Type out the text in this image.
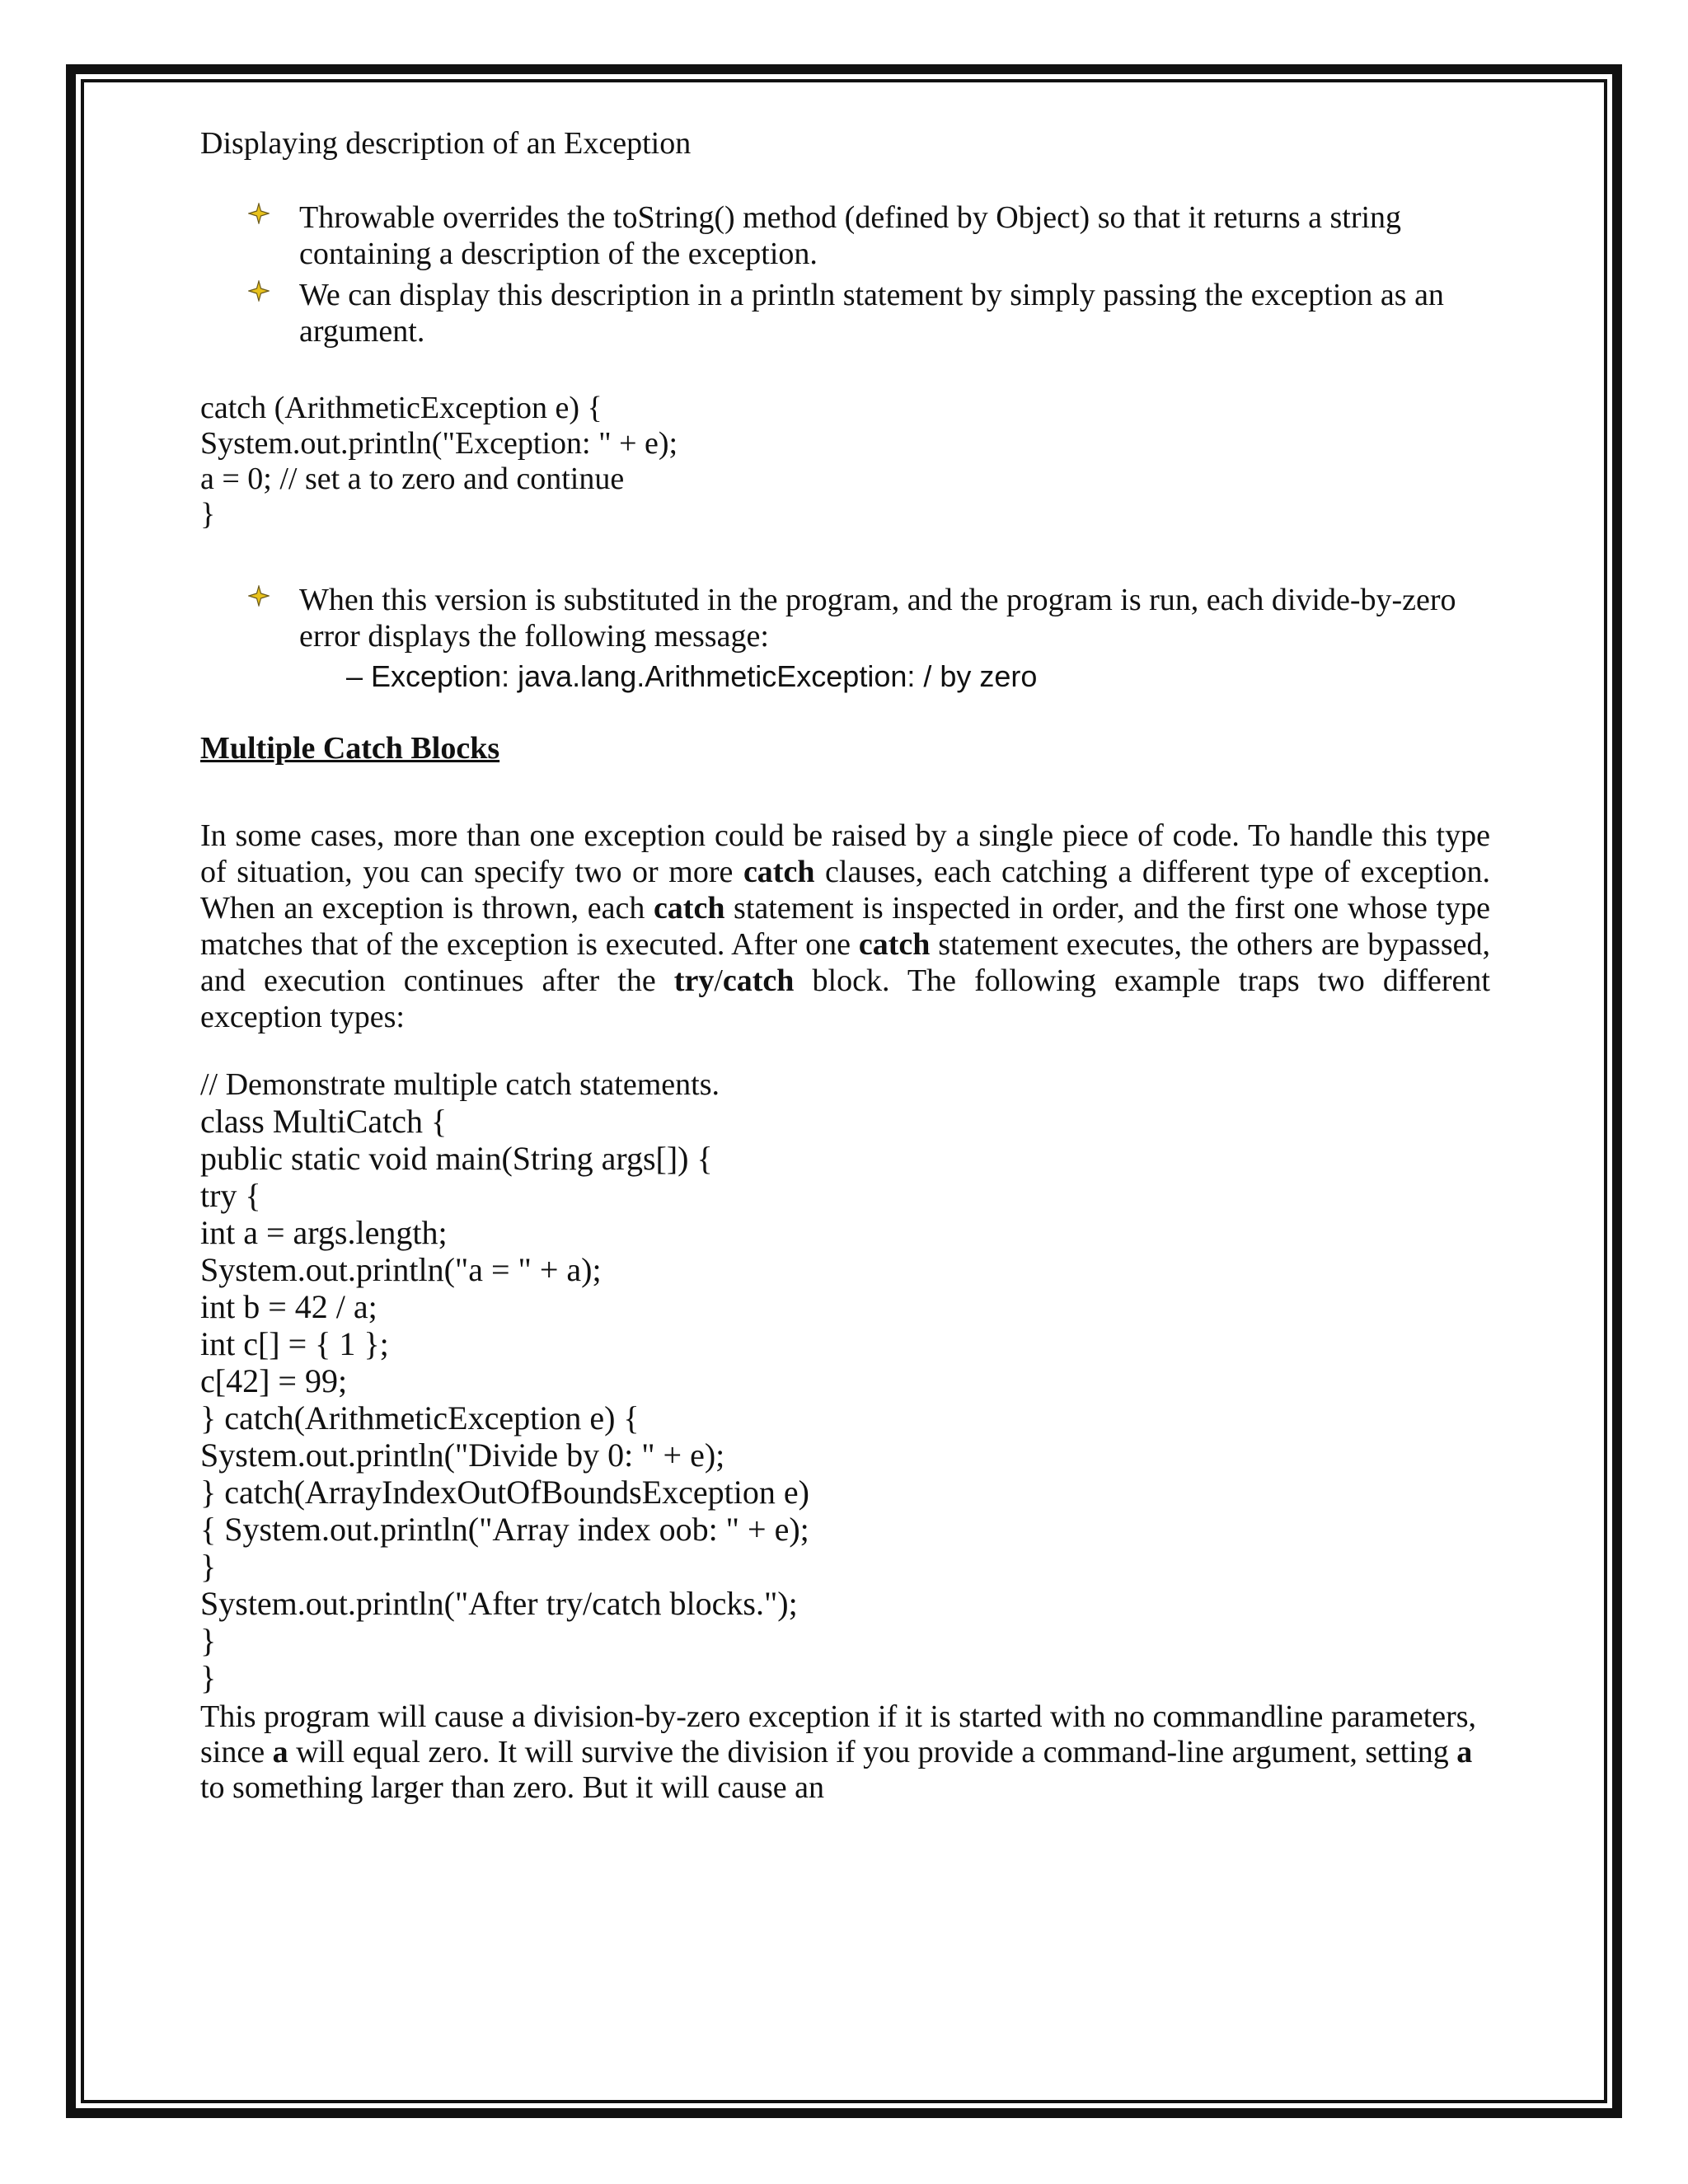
Displaying description of an Exception

Throwable overrides the toString() method (defined by Object) so that it returns a string containing a description of the exception.
We can display this description in a println statement by simply passing the exception as an argument.
catch (ArithmeticException e) {
System.out.println("Exception: " + e);
a = 0; // set a to zero and continue
}
When this version is substituted in the program, and the program is run, each divide-by-zero error displays the following message:
– Exception: java.lang.ArithmeticException: / by zero
Multiple Catch Blocks

In some cases, more than one exception could be raised by a single piece of code. To handle this type of situation, you can specify two or more catch clauses, each catching a different type of exception. When an exception is thrown, each catch statement is inspected in order, and the first one whose type matches that of the exception is executed. After one catch statement executes, the others are bypassed, and execution continues after the try/catch block. The following example traps two different exception types:

// Demonstrate multiple catch statements.
class MultiCatch {
public static void main(String args[]) {
try {
int a = args.length;
System.out.println("a = " + a);
int b = 42 / a;
int c[] = { 1 };
c[42] = 99;
} catch(ArithmeticException e) {
System.out.println("Divide by 0: " + e);
} catch(ArrayIndexOutOfBoundsException e)
{ System.out.println("Array index oob: " + e);
}
System.out.println("After try/catch blocks.");
}
}

This program will cause a division-by-zero exception if it is started with no commandline parameters, since a will equal zero. It will survive the division if you provide a command-line argument, setting a to something larger than zero. But it will cause an
